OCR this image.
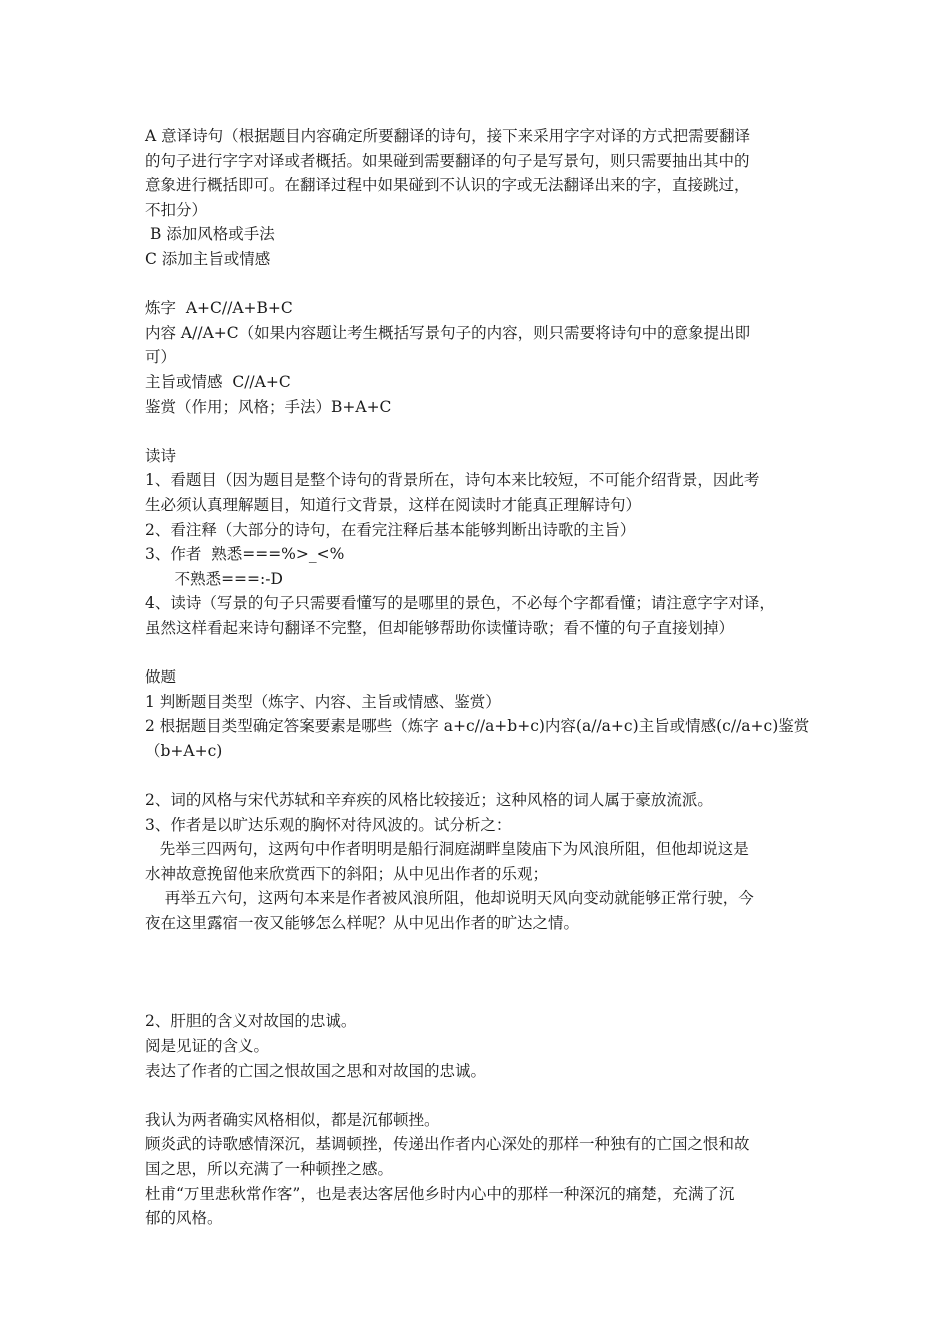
A 意译诗句（根据题目内容确定所要翻译的诗句，接下来采用字字对译的方式把需要翻译

的句子进行字字对译或者概括。如果碰到需要翻译的句子是写景句，则只需要抽出其中的

意象进行概括即可。在翻译过程中如果碰到不认识的字或无法翻译出来的字，直接跳过，

不扣分）

B 添加风格或手法

C 添加主旨或情感

炼字  A+C//A+B+C

内容 A//A+C（如果内容题让考生概括写景句子的内容，则只需要将诗句中的意象提出即

可）

主旨或情感  C//A+C

鉴赏（作用；风格；手法）B+A+C

读诗

1、看题目（因为题目是整个诗句的背景所在，诗句本来比较短，不可能介绍背景，因此考

生必须认真理解题目，知道行文背景，这样在阅读时才能真正理解诗句）

2、看注释（大部分的诗句，在看完注释后基本能够判断出诗歌的主旨）

3、作者  熟悉===%>_<%

不熟悉===:-D

4、读诗（写景的句子只需要看懂写的是哪里的景色，不必每个字都看懂；请注意字字对译，

虽然这样看起来诗句翻译不完整，但却能够帮助你读懂诗歌；看不懂的句子直接划掉）

做题

1 判断题目类型（炼字、内容、主旨或情感、鉴赏）

2 根据题目类型确定答案要素是哪些（炼字 a+c//a+b+c)内容(a//a+c)主旨或情感(c//a+c)鉴赏

（b+A+c)

2、词的风格与宋代苏轼和辛弃疾的风格比较接近；这种风格的词人属于豪放流派。

3、作者是以旷达乐观的胸怀对待风波的。试分析之：

先举三四两句，这两句中作者明明是船行洞庭湖畔皇陵庙下为风浪所阻，但他却说这是

水神故意挽留他来欣赏西下的斜阳；从中见出作者的乐观；

再举五六句，这两句本来是作者被风浪所阻，他却说明天风向变动就能够正常行驶，今

夜在这里露宿一夜又能够怎么样呢？从中见出作者的旷达之情。

2、肝胆的含义对故国的忠诚。

阅是见证的含义。

表达了作者的亡国之恨故国之思和对故国的忠诚。

我认为两者确实风格相似，都是沉郁顿挫。

顾炎武的诗歌感情深沉，基调顿挫，传递出作者内心深处的那样一种独有的亡国之恨和故

国之思，所以充满了一种顿挫之感。

杜甫“万里悲秋常作客”，也是表达客居他乡时内心中的那样一种深沉的痛楚，充满了沉

郁的风格。
